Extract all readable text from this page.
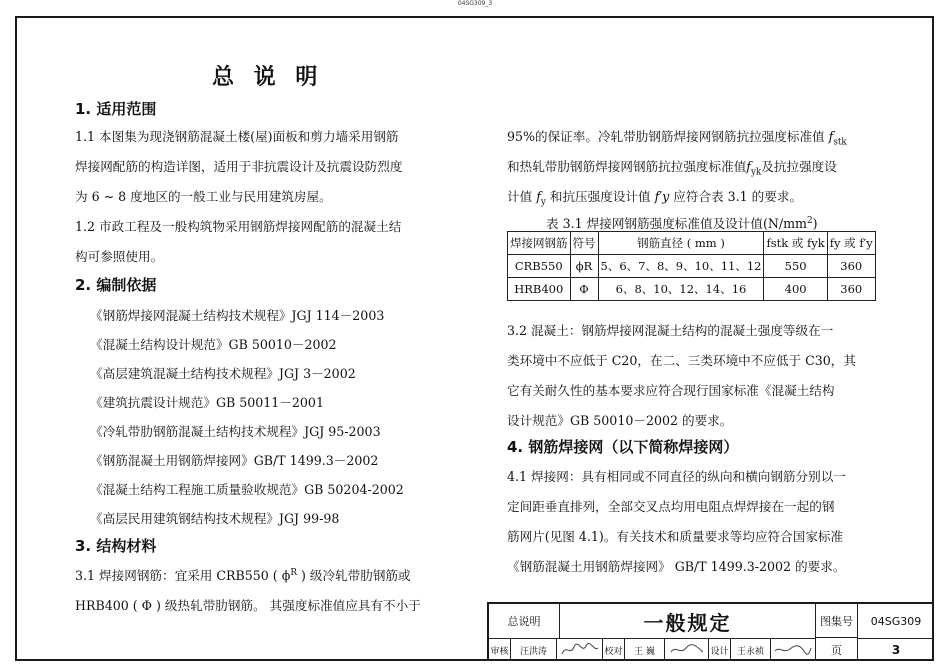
04SG309_3
总 说 明
1. 适用范围
1.1 本图集为现浇钢筋混凝土楼(屋)面板和剪力墙采用钢筋
焊接网配筋的构造详图，适用于非抗震设计及抗震设防烈度
为 6 ~ 8 度地区的一般工业与民用建筑房屋。
1.2 市政工程及一般构筑物采用钢筋焊接网配筋的混凝土结
构可参照使用。
2. 编制依据
《钢筋焊接网混凝土结构技术规程》JGJ 114－2003
《混凝土结构设计规范》GB 50010－2002
《高层建筑混凝土结构技术规程》JGJ 3－2002
《建筑抗震设计规范》GB 50011－2001
《冷轧带肋钢筋混凝土结构技术规程》JGJ 95-2003
《钢筋混凝土用钢筋焊接网》GB/T 1499.3－2002
《混凝土结构工程施工质量验收规范》GB 50204-2002
《高层民用建筑钢结构技术规程》JGJ 99-98
3. 结构材料
3.1 焊接网钢筋：宜采用 CRB550 ( $\phi^R$ ) 级冷轧带肋钢筋或
HRB400 ( Φ ) 级热轧带肋钢筋。 其强度标准值应具有不小于
95%的保证率。冷轧带肋钢筋焊接网钢筋抗拉强度标准值 $f_{stk}$
和热轧带肋钢筋焊接网钢筋抗拉强度标准值$f_{yk}$及抗拉强度设
计值 $f_y$ 和抗压强度设计值 f′y 应符合表 3.1 的要求。
表 3.1 焊接网钢筋强度标准值及设计值$(N/mm^2)$
焊接网钢筋	符号	钢筋直径 ( mm )	fstk 或 fyk	fy 或 f′y
CRB550	ϕR	5、6、7、8、9、10、11、12	550	360
HRB400	Φ	6、8、10、12、14、16	400	360
3.2 混凝土：钢筋焊接网混凝土结构的混凝土强度等级在一
类环境中不应低于 C20，在二、三类环境中不应低于 C30，其
它有关耐久性的基本要求应符合现行国家标准《混凝土结构
设计规范》GB 50010－2002 的要求。
4. 钢筋焊接网（以下简称焊接网）
4.1 焊接网：具有相同或不同直径的纵向和横向钢筋分别以一
定间距垂直排列，全部交叉点均用电阻点焊焊接在一起的钢
筋网片(见图 4.1)。有关技术和质量要求等均应符合国家标准
《钢筋混凝土用钢筋焊接网》 GB/T 1499.3-2002 的要求。
总说明	一般规定	图集号
页
04SG309
3
审核	汪洪涛	校对	王 巍	设计 王永祯
